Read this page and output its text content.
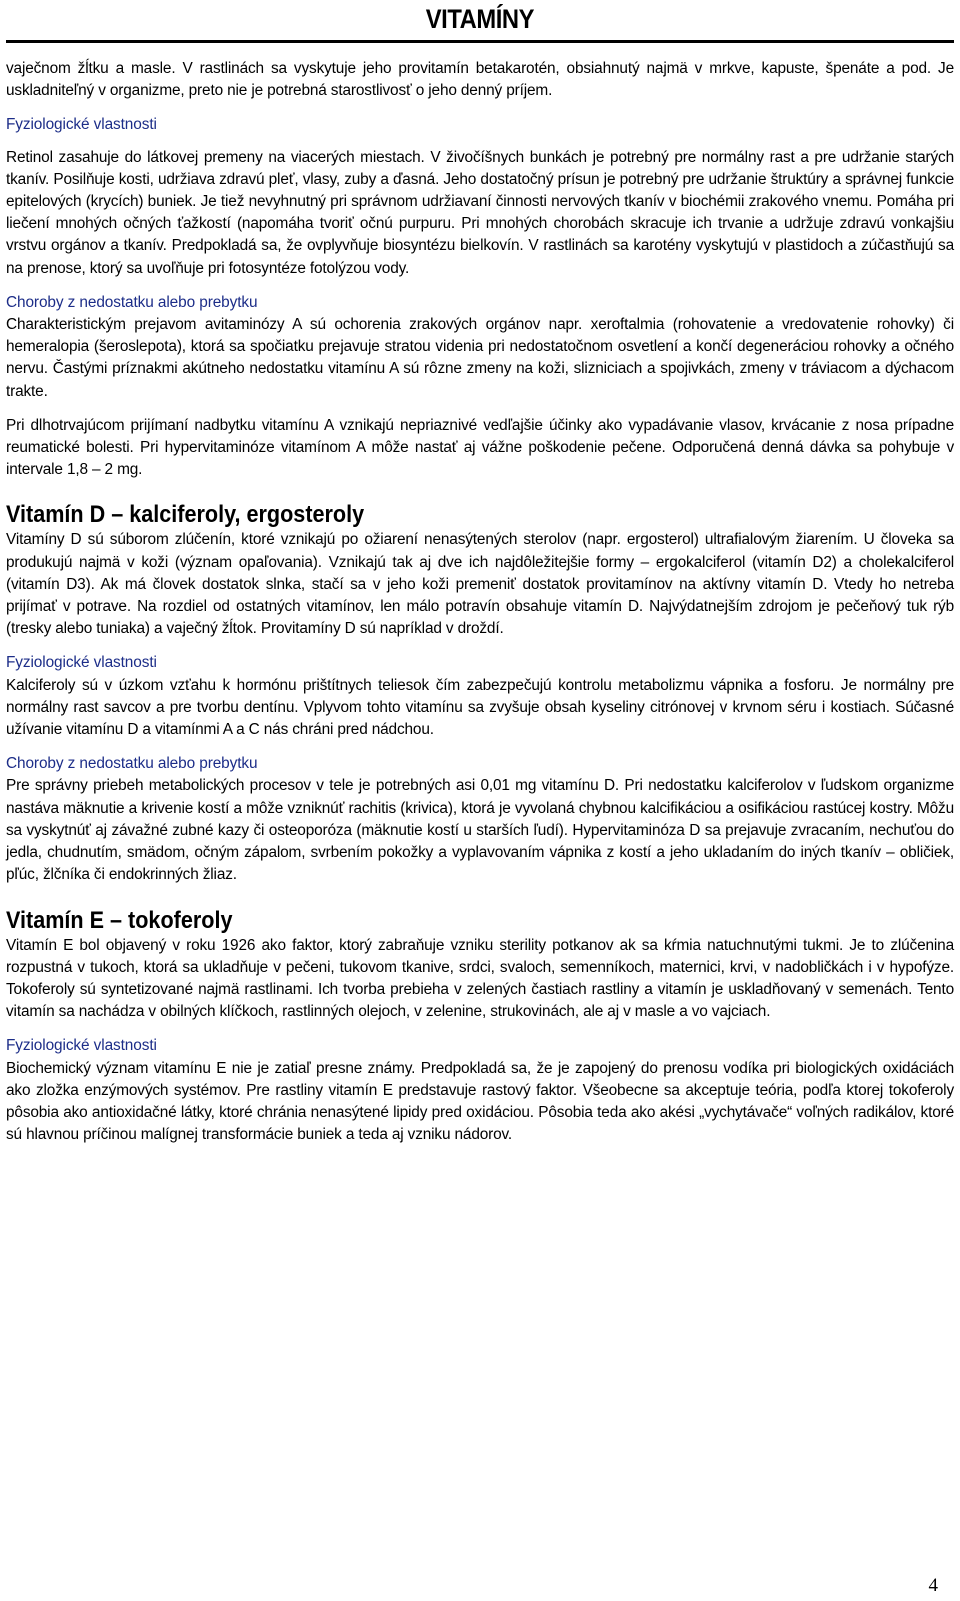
VITAMÍNY

vaječnom žĺtku a masle. V rastlinách sa vyskytuje jeho provitamín betakarotén, obsiahnutý najmä v mrkve, kapuste, špenáte a pod. Je uskladniteľný v organizme, preto nie je potrebná starostlivosť o jeho denný príjem.

Fyziologické vlastnosti

Retinol zasahuje do látkovej premeny na viacerých miestach. V živočíšnych bunkách je potrebný pre normálny rast a pre udržanie starých tkanív. Posilňuje kosti, udržiava zdravú pleť, vlasy, zuby a ďasná. Jeho dostatočný prísun je potrebný pre udržanie štruktúry a správnej funkcie epitelových (krycích) buniek. Je tiež nevyhnutný pri správnom udržiavaní činnosti nervových tkanív v biochémii zrakového vnemu. Pomáha pri liečení mnohých očných ťažkostí (napomáha tvoriť očnú purpuru. Pri mnohých chorobách skracuje ich trvanie a udržuje zdravú vonkajšiu vrstvu orgánov a tkanív. Predpokladá sa, že ovplyvňuje biosyntézu bielkovín. V rastlinách sa karotény vyskytujú v plastidoch a zúčastňujú sa na prenose, ktorý sa uvoľňuje pri fotosyntéze fotolýzou vody.

Choroby z nedostatku alebo prebytku

Charakteristickým prejavom avitaminózy A sú ochorenia zrakových orgánov napr. xeroftalmia (rohovatenie a vredovatenie rohovky) či hemeralopia (šeroslepota), ktorá sa spočiatku prejavuje stratou videnia pri nedostatočnom osvetlení a končí degeneráciou rohovky a očného nervu. Častými príznakmi akútneho nedostatku vitamínu A sú rôzne zmeny na koži, slizniciach a spojivkách, zmeny v tráviacom a dýchacom trakte.

Pri dlhotrvajúcom prijímaní nadbytku vitamínu A vznikajú nepriaznivé vedľajšie účinky ako vypadávanie vlasov, krvácanie z nosa prípadne reumatické bolesti. Pri hypervitaminóze vitamínom A môže nastať aj vážne poškodenie pečene. Odporučená denná dávka sa pohybuje v intervale 1,8 – 2 mg.

Vitamín D – kalciferoly, ergosteroly

Vitamíny D sú súborom zlúčenín, ktoré vznikajú po ožiarení nenasýtených sterolov (napr. ergosterol) ultrafialovým žiarením. U človeka sa produkujú najmä v koži (význam opaľovania). Vznikajú tak aj dve ich najdôležitejšie formy – ergokalciferol (vitamín D2) a cholekalciferol (vitamín D3). Ak má človek dostatok slnka, stačí sa v jeho koži premeniť dostatok provitamínov na aktívny vitamín D. Vtedy ho netreba prijímať v potrave. Na rozdiel od ostatných vitamínov, len málo potravín obsahuje vitamín D. Najvýdatnejším zdrojom je pečeňový tuk rýb (tresky alebo tuniaka) a vaječný žĺtok. Provitamíny D sú napríklad v droždí.

Fyziologické vlastnosti

Kalciferoly sú v úzkom vzťahu k hormónu prištítnych teliesok čím zabezpečujú kontrolu metabolizmu vápnika a fosforu. Je normálny pre normálny rast savcov a pre tvorbu dentínu. Vplyvom tohto vitamínu sa zvyšuje obsah kyseliny citrónovej v krvnom séru i kostiach. Súčasné užívanie vitamínu D a vitamínmi A a C nás chráni pred nádchou.

Choroby z nedostatku alebo prebytku

Pre správny priebeh metabolických procesov v tele je potrebných asi 0,01 mg vitamínu D. Pri nedostatku kalciferolov v ľudskom organizme nastáva mäknutie a krivenie kostí a môže vzniknúť rachitis (krivica), ktorá je vyvolaná chybnou kalcifikáciou a osifikáciou rastúcej kostry. Môžu sa vyskytnúť aj závažné zubné kazy či osteoporóza (mäknutie kostí u starších ľudí). Hypervitaminóza D sa prejavuje zvracaním, nechuťou do jedla, chudnutím, smädom, očným zápalom, svrbením pokožky a vyplavovaním vápnika z kostí a jeho ukladaním do iných tkanív – obličiek, pľúc, žlčníka či endokrinných žliaz.

Vitamín E – tokoferoly

Vitamín E bol objavený v roku 1926 ako faktor, ktorý zabraňuje vzniku sterility potkanov ak sa kŕmia natuchnutými tukmi. Je to zlúčenina rozpustná v tukoch, ktorá sa ukladňuje v pečeni, tukovom tkanive, srdci, svaloch, semenníkoch, maternici, krvi, v nadobličkách i v hypofýze. Tokoferoly sú syntetizované najmä rastlinami. Ich tvorba prebieha v zelených častiach rastliny a vitamín je uskladňovaný v semenách. Tento vitamín sa nachádza v obilných klíčkoch, rastlinných olejoch, v zelenine, strukovinách, ale aj v masle a vo vajciach.

Fyziologické vlastnosti

Biochemický význam vitamínu E nie je zatiaľ presne známy. Predpokladá sa, že je zapojený do prenosu vodíka pri biologických oxidáciách ako zložka enzýmových systémov. Pre rastliny vitamín E predstavuje rastový faktor. Všeobecne sa akceptuje teória, podľa ktorej tokoferoly pôsobia ako antioxidačné látky, ktoré chránia nenasýtené lipidy pred oxidáciou. Pôsobia teda ako akési „vychytávače“ voľných radikálov, ktoré sú hlavnou príčinou malígnej transformácie buniek a teda aj vzniku nádorov.

4
